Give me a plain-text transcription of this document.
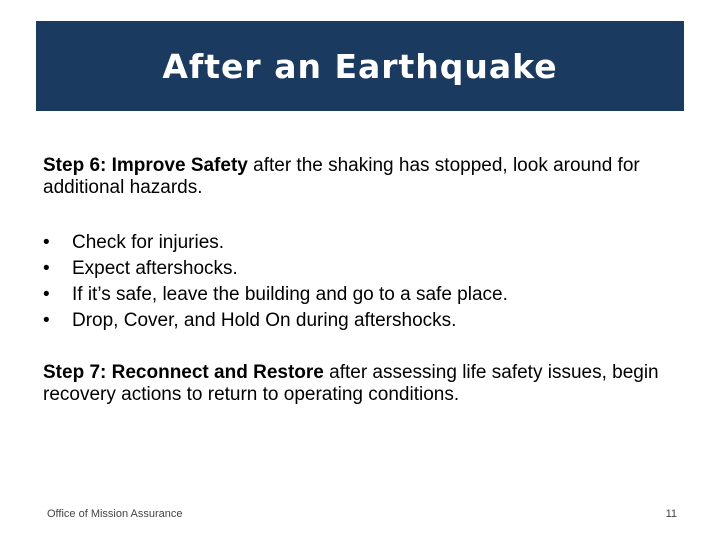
After an Earthquake
Step 6: Improve Safety after the shaking has stopped, look around for additional hazards.
•	Check for injuries.
•	Expect aftershocks.
•	If it’s safe, leave the building and go to a safe place.
•	Drop, Cover, and Hold On during aftershocks.
Step 7: Reconnect and Restore after assessing life safety issues, begin recovery actions to return to operating conditions.
Office of Mission Assurance	11
